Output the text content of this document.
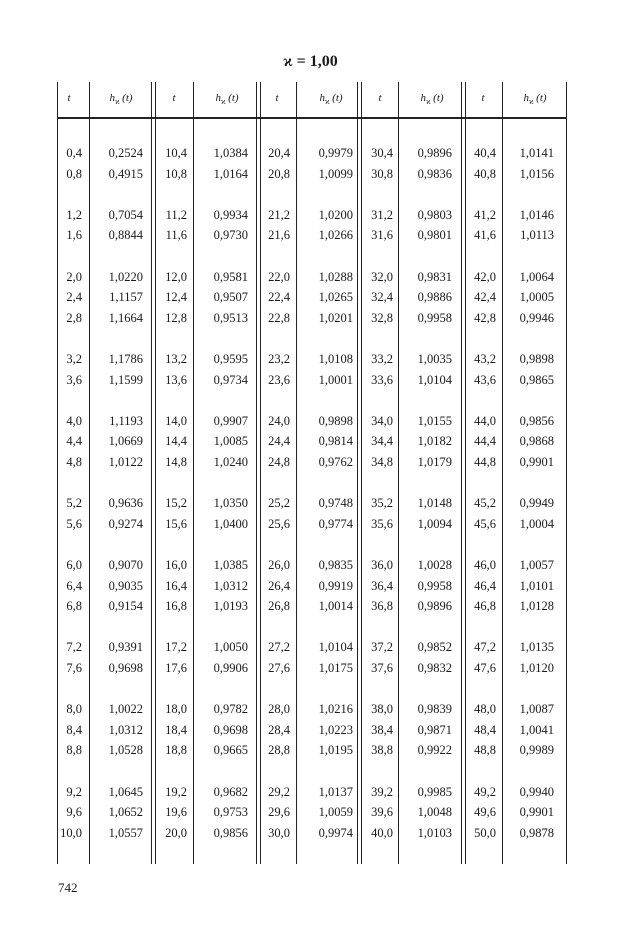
ϰ = 1,00
t	$h_ϰ$ (t)	t	$h_ϰ$ (t)	t	$h_ϰ$ (t)	t	$h_ϰ$ (t)	t	$h_ϰ$ (t)
0,4	0,2524	10,4	1,0384	20,4	0,9979	30,4	0,9896	40,4	1,0141
0,8	0,4915	10,8	1,0164	20,8	1,0099	30,8	0,9836	40,8	1,0156
1,2	0,7054	11,2	0,9934	21,2	1,0200	31,2	0,9803	41,2	1,0146
1,6	0,8844	11,6	0,9730	21,6	1,0266	31,6	0,9801	41,6	1,0113
2,0	1,0220	12,0	0,9581	22,0	1,0288	32,0	0,9831	42,0	1,0064
2,4	1,1157	12,4	0,9507	22,4	1,0265	32,4	0,9886	42,4	1,0005
2,8	1,1664	12,8	0,9513	22,8	1,0201	32,8	0,9958	42,8	0,9946
3,2	1,1786	13,2	0,9595	23,2	1,0108	33,2	1,0035	43,2	0,9898
3,6	1,1599	13,6	0,9734	23,6	1,0001	33,6	1,0104	43,6	0,9865
4,0	1,1193	14,0	0,9907	24,0	0,9898	34,0	1,0155	44,0	0,9856
4,4	1,0669	14,4	1,0085	24,4	0,9814	34,4	1,0182	44,4	0,9868
4,8	1,0122	14,8	1,0240	24,8	0,9762	34,8	1,0179	44,8	0,9901
5,2	0,9636	15,2	1,0350	25,2	0,9748	35,2	1,0148	45,2	0,9949
5,6	0,9274	15,6	1,0400	25,6	0,9774	35,6	1,0094	45,6	1,0004
6,0	0,9070	16,0	1,0385	26,0	0,9835	36,0	1,0028	46,0	1,0057
6,4	0,9035	16,4	1,0312	26,4	0,9919	36,4	0,9958	46,4	1,0101
6,8	0,9154	16,8	1,0193	26,8	1,0014	36,8	0,9896	46,8	1,0128
7,2	0,9391	17,2	1,0050	27,2	1,0104	37,2	0,9852	47,2	1,0135
7,6	0,9698	17,6	0,9906	27,6	1,0175	37,6	0,9832	47,6	1,0120
8,0	1,0022	18,0	0,9782	28,0	1,0216	38,0	0,9839	48,0	1,0087
8,4	1,0312	18,4	0,9698	28,4	1,0223	38,4	0,9871	48,4	1,0041
8,8	1,0528	18,8	0,9665	28,8	1,0195	38,8	0,9922	48,8	0,9989
9,2	1,0645	19,2	0,9682	29,2	1,0137	39,2	0,9985	49,2	0,9940
9,6	1,0652	19,6	0,9753	29,6	1,0059	39,6	1,0048	49,6	0,9901
10,0	1,0557	20,0	0,9856	30,0	0,9974	40,0	1,0103	50,0	0,9878
742
